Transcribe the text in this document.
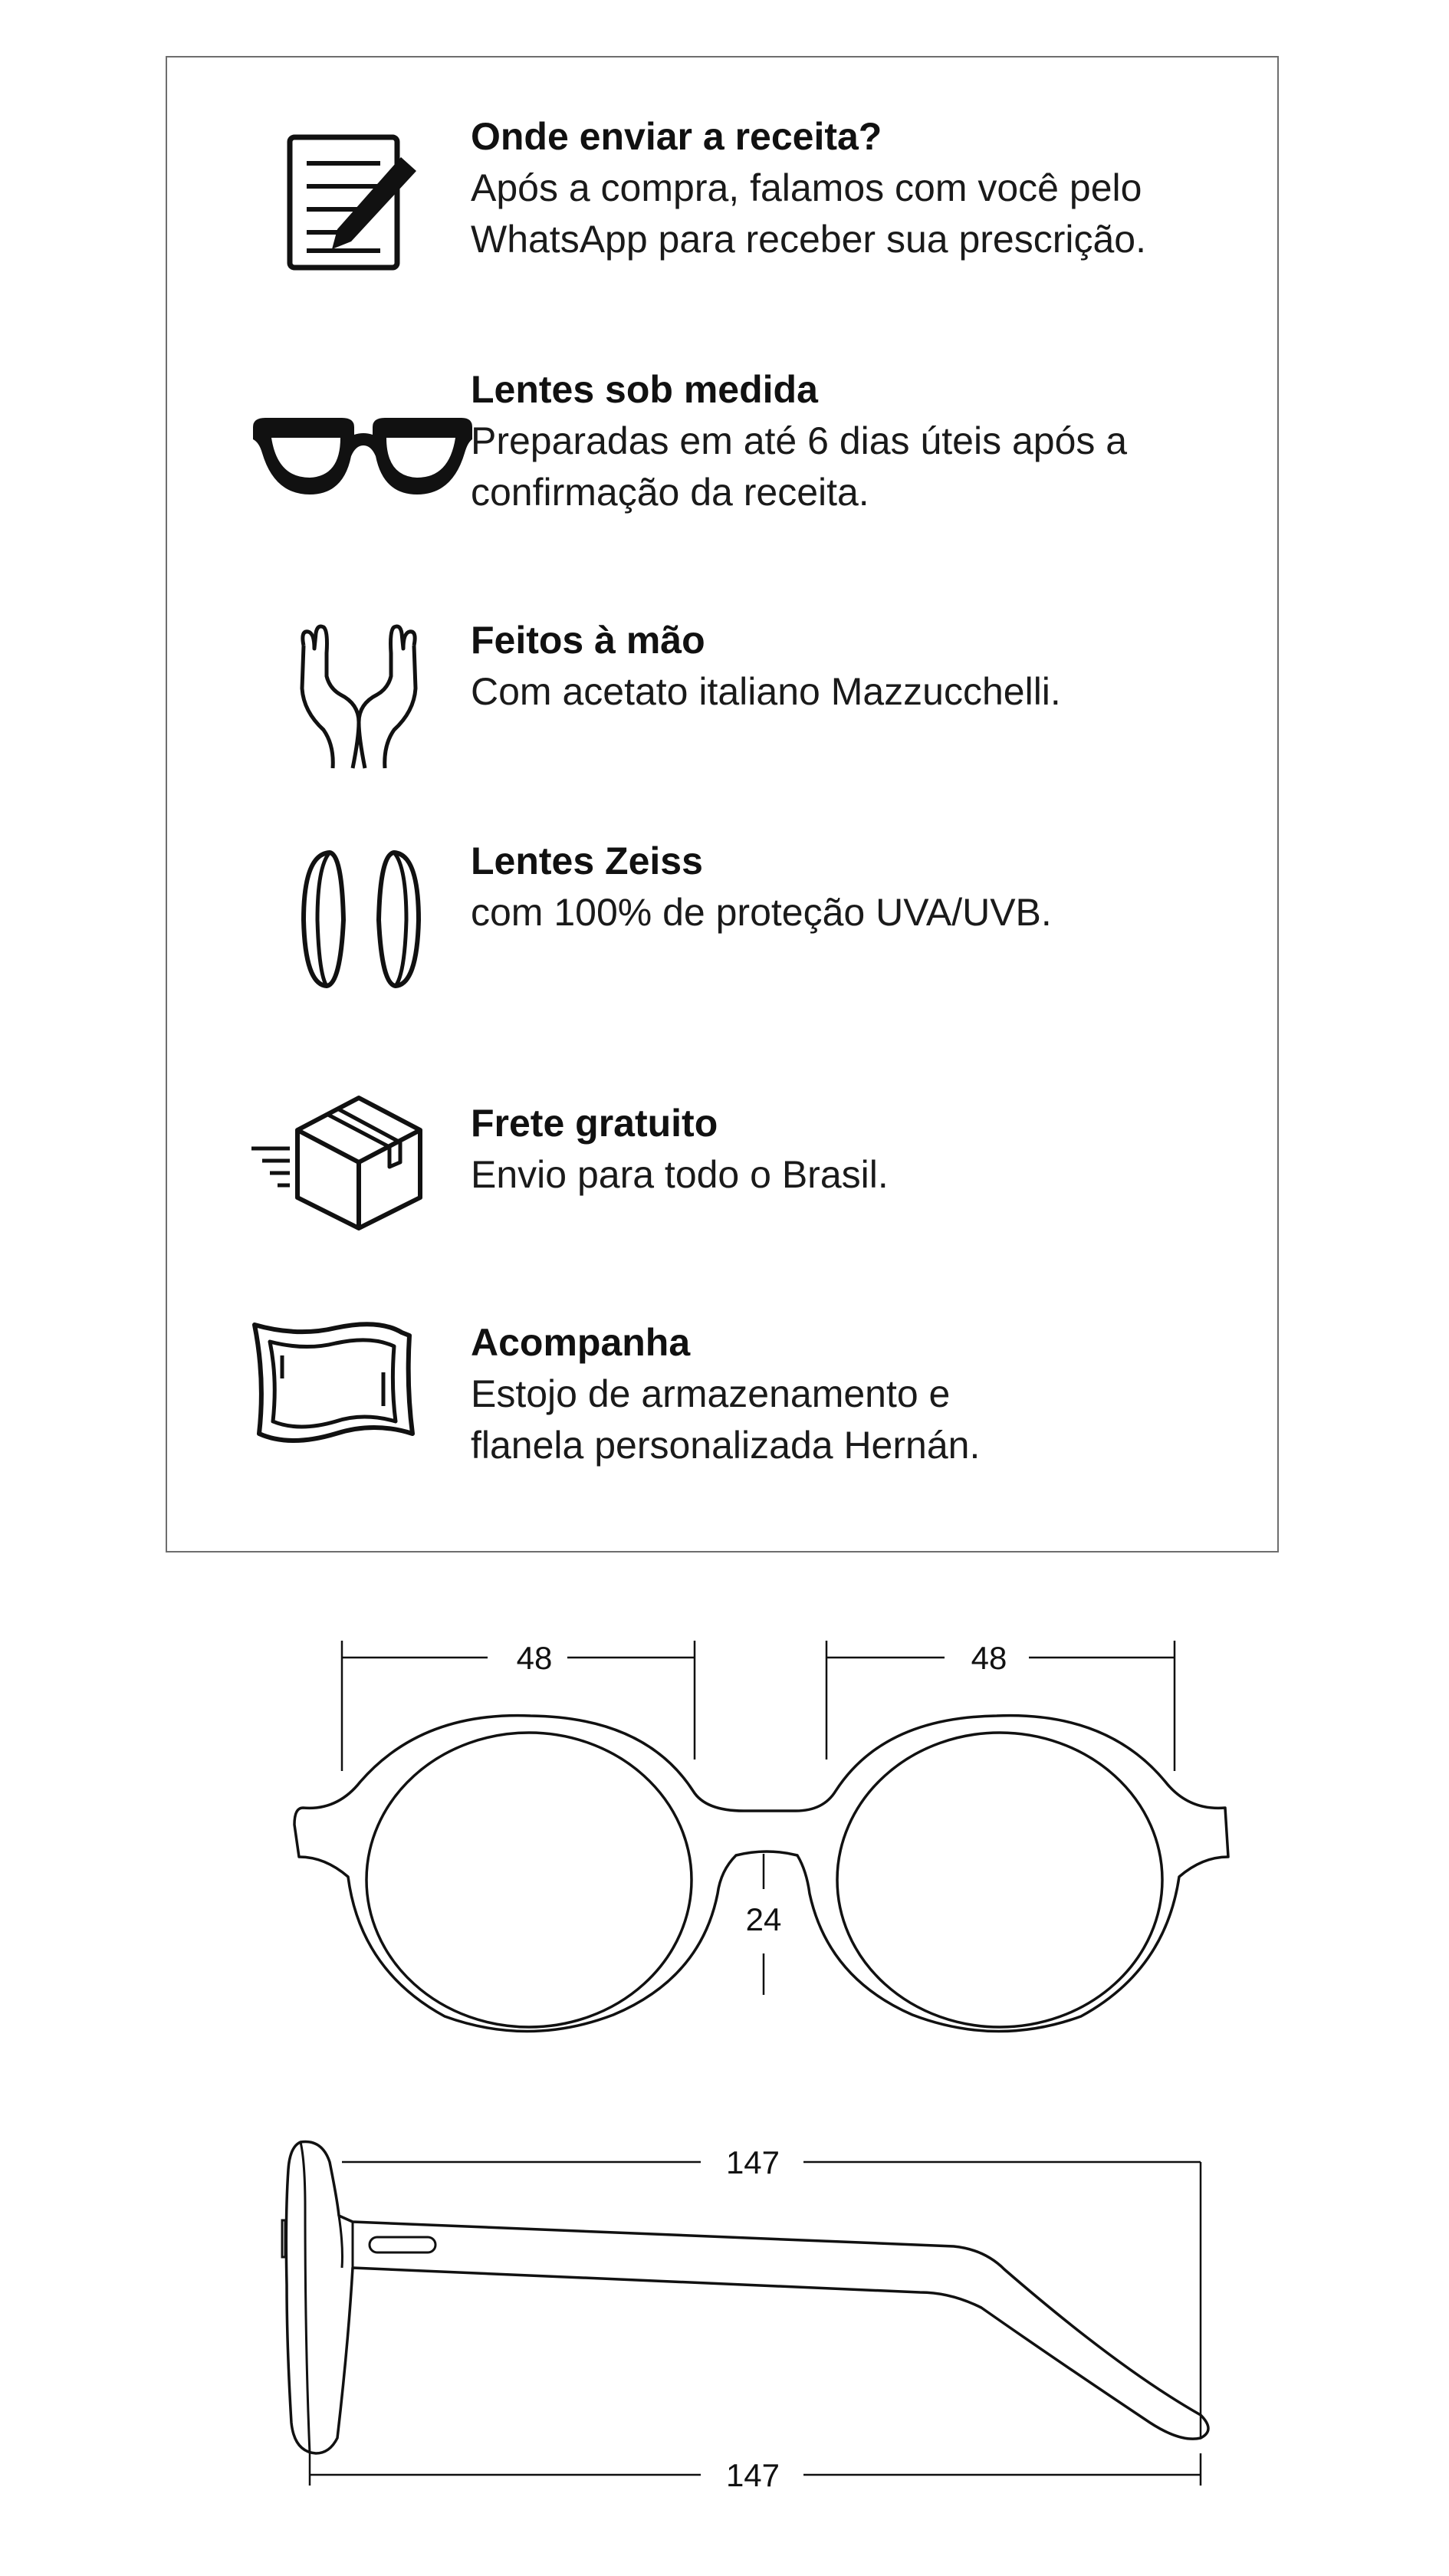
Onde enviar a receita?
Após a compra, falamos com você pelo
WhatsApp para receber sua prescrição.
Lentes sob medida
Preparadas em até 6 dias úteis após a
confirmação da receita.
Feitos à mão
Com acetato italiano Mazzucchelli.
Lentes Zeiss
com 100% de proteção UVA/UVB.
Frete gratuito
Envio para todo o Brasil.
Acompanha
Estojo de armazenamento e
flanela personalizada Hernán.
48	48
24
147
147
